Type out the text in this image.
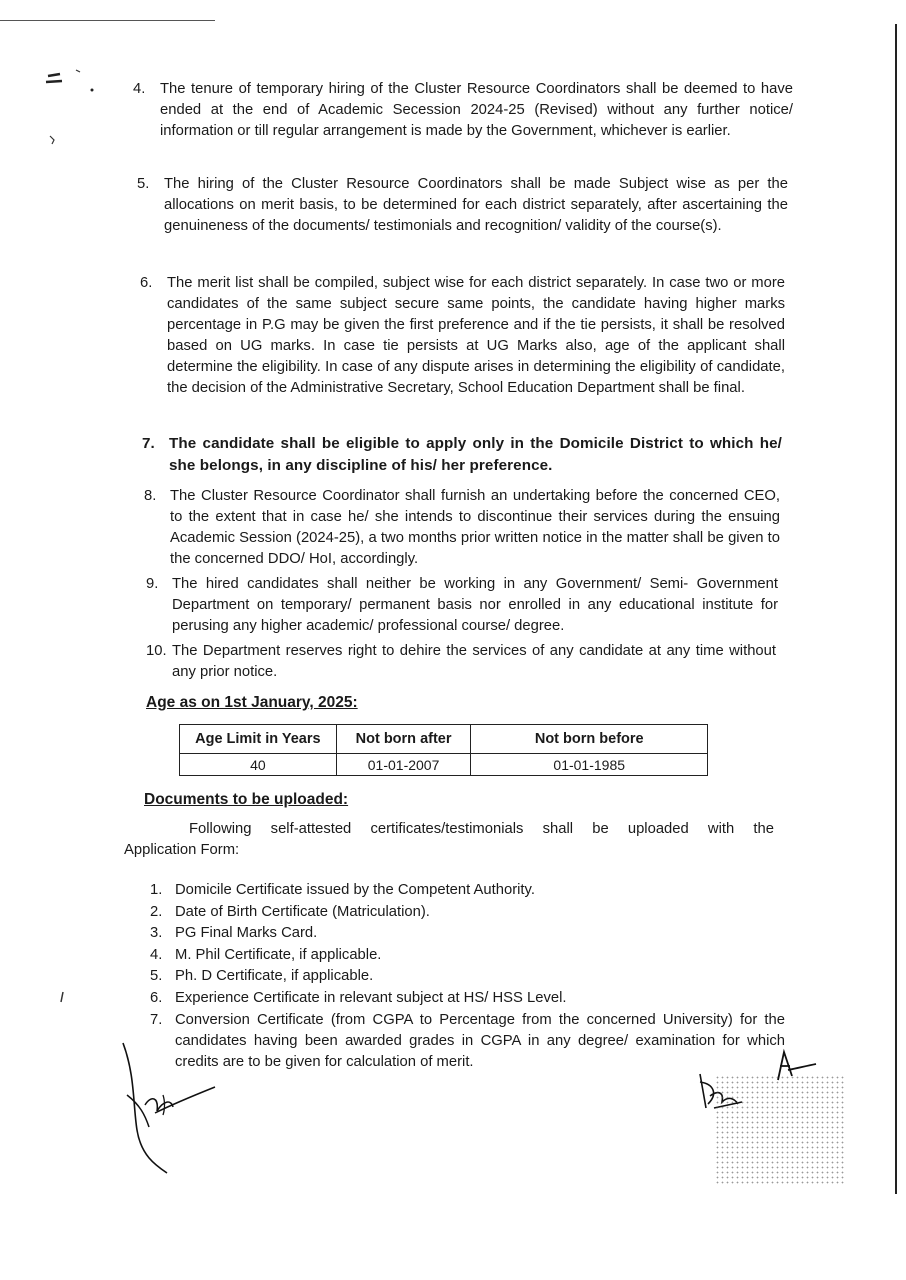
4. The tenure of temporary hiring of the Cluster Resource Coordinators shall be deemed to have ended at the end of Academic Secession 2024-25 (Revised) without any further notice/ information or till regular arrangement is made by the Government, whichever is earlier.
5. The hiring of the Cluster Resource Coordinators shall be made Subject wise as per the allocations on merit basis, to be determined for each district separately, after ascertaining the genuineness of the documents/ testimonials and recognition/ validity of the course(s).
6. The merit list shall be compiled, subject wise for each district separately. In case two or more candidates of the same subject secure same points, the candidate having higher marks percentage in P.G may be given the first preference and if the tie persists, it shall be resolved based on UG marks. In case tie persists at UG Marks also, age of the applicant shall determine the eligibility. In case of any dispute arises in determining the eligibility of candidate, the decision of the Administrative Secretary, School Education Department shall be final.
7. The candidate shall be eligible to apply only in the Domicile District to which he/ she belongs, in any discipline of his/ her preference.
8. The Cluster Resource Coordinator shall furnish an undertaking before the concerned CEO, to the extent that in case he/ she intends to discontinue their services during the ensuing Academic Session (2024-25), a two months prior written notice in the matter shall be given to the concerned DDO/ HoI, accordingly.
9. The hired candidates shall neither be working in any Government/ Semi- Government Department on temporary/ permanent basis nor enrolled in any educational institute for perusing any higher academic/ professional course/ degree.
10. The Department reserves right to dehire the services of any candidate at any time without any prior notice.
Age as on 1st January, 2025:
Age Limit in Years	Not born after	Not born before
40	01-01-2007	01-01-1985
Documents to be uploaded:
Following self-attested certificates/testimonials shall be uploaded with the
Application Form:
1. Domicile Certificate issued by the Competent Authority.
2. Date of Birth Certificate (Matriculation).
3. PG Final Marks Card.
4. M. Phil Certificate, if applicable.
5. Ph. D Certificate, if applicable.
6. Experience Certificate in relevant subject at HS/ HSS Level.
7. Conversion Certificate (from CGPA to Percentage from the concerned University) for the candidates having been awarded grades in CGPA in any degree/ examination for which credits are to be given for calculation of merit.
